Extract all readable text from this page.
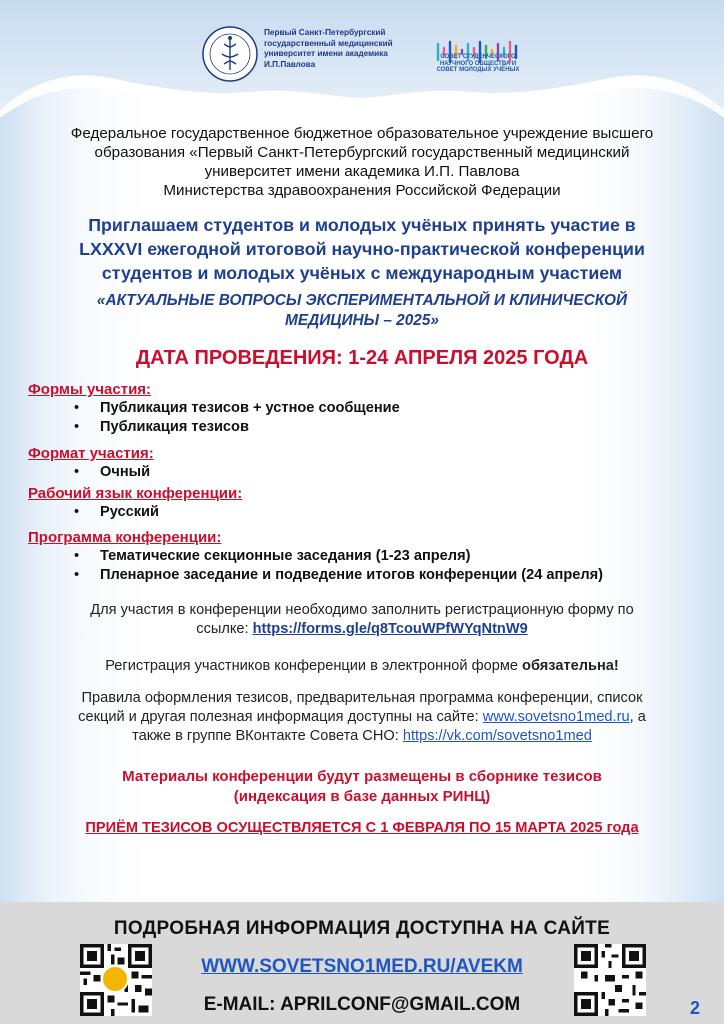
Первый Санкт-Петербургский государственный медицинский университет имени академика И.П.Павлова
СОВЕТ СТУДЕНЧЕСКОГО НАУЧНОГО ОБЩЕСТВА И СОВЕТ МОЛОДЫХ УЧЁНЫХ
Федеральное государственное бюджетное образовательное учреждение высшего
образования «Первый Санкт-Петербургский государственный медицинский
университет имени академика И.П. Павлова
Министерства здравоохранения Российской Федерации
Приглашаем студентов и молодых учёных принять участие в
LXXXVI ежегодной итоговой научно-практической конференции
студентов и молодых учёных с международным участием
«АКТУАЛЬНЫЕ ВОПРОСЫ ЭКСПЕРИМЕНТАЛЬНОЙ И КЛИНИЧЕСКОЙ
МЕДИЦИНЫ – 2025»
ДАТА ПРОВЕДЕНИЯ: 1-24 АПРЕЛЯ 2025 ГОДА
Формы участия:
• Публикация тезисов + устное сообщение
• Публикация тезисов
Формат участия:
• Очный
Рабочий язык конференции:
• Русский
Программа конференции:
• Тематические секционные заседания (1-23 апреля)
• Пленарное заседание и подведение итогов конференции (24 апреля)
Для участия в конференции необходимо заполнить регистрационную форму по
ссылке: https://forms.gle/q8TcouWPfWYqNtnW9
Регистрация участников конференции в электронной форме обязательна!
Правила оформления тезисов, предварительная программа конференции, список
секций и другая полезная информация доступны на сайте: www.sovetsno1med.ru, а
также в группе ВКонтакте Совета СНО: https://vk.com/sovetsno1med
Материалы конференции будут размещены в сборнике тезисов
(индексация в базе данных РИНЦ)
ПРИЁМ ТЕЗИСОВ ОСУЩЕСТВЛЯЕТСЯ С 1 ФЕВРАЛЯ ПО 15 МАРТА 2025 года
ПОДРОБНАЯ ИНФОРМАЦИЯ ДОСТУПНА НА САЙТЕ
WWW.SOVETSNO1MED.RU/AVEKM
E-MAIL: APRILCONF@GMAIL.COM	2
